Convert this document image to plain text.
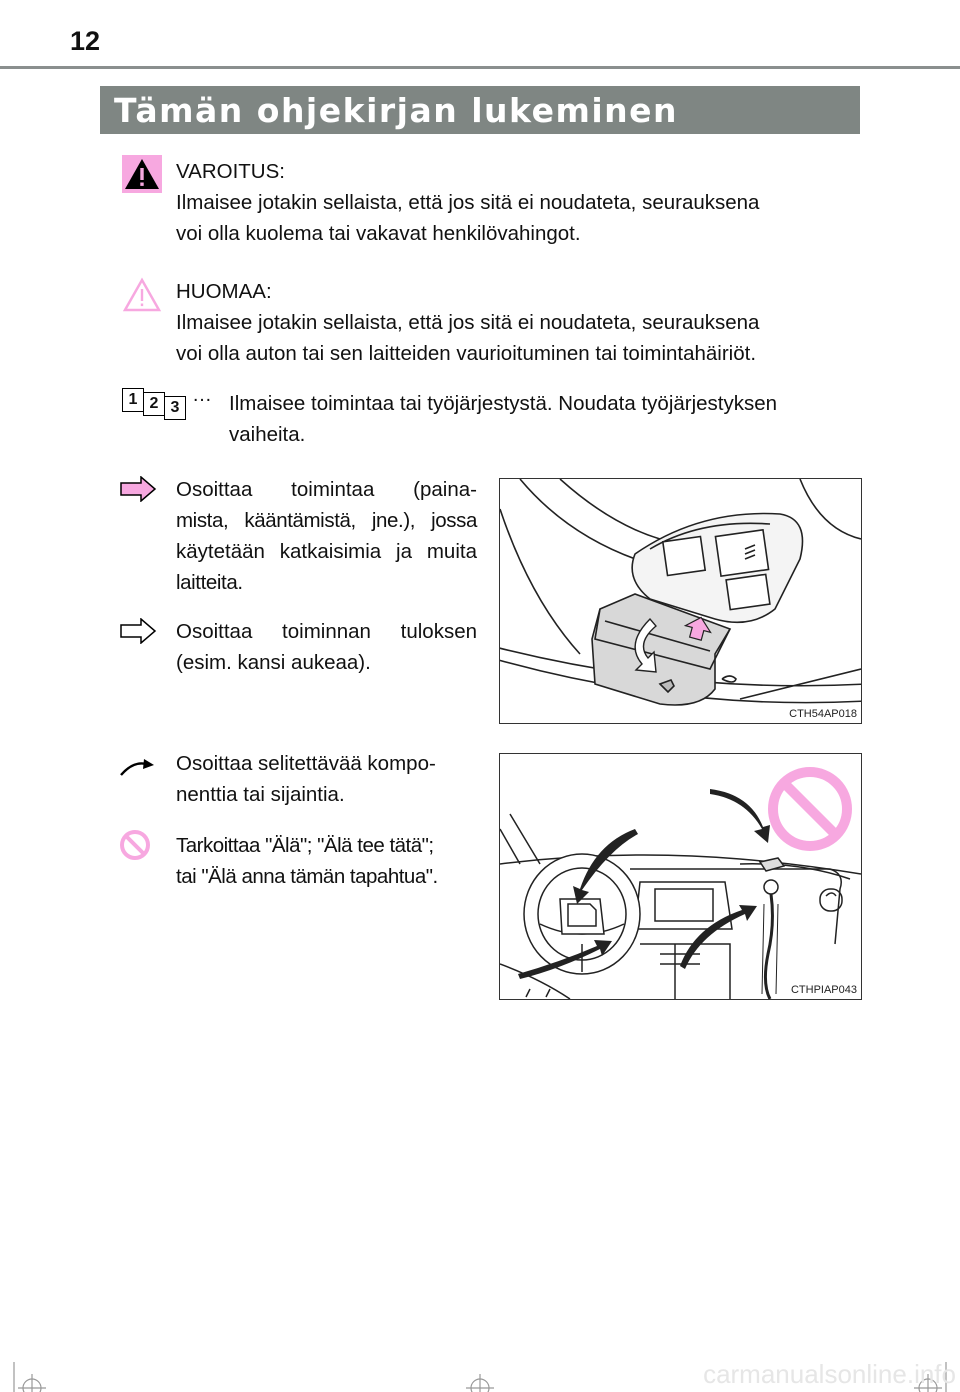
12
Tämän ohjekirjan lukeminen
VAROITUS:
Ilmaisee jotakin sellaista, että jos sitä ei noudateta, seurauksena
voi olla kuolema tai vakavat henkilövahingot.
HUOMAA:
Ilmaisee jotakin sellaista, että jos sitä ei noudateta, seurauksena
voi olla auton tai sen laitteiden vaurioituminen tai toimintahäiriöt.
1 2 3
… Ilmaisee toimintaa tai työjärjestystä. Noudata työjärjestyksen
vaiheita.
Osoittaa toimintaa (paina-
mista, kääntämistä, jne.), jossa
käytetään katkaisimia ja muita
laitteita.
Osoittaa toiminnan tuloksen
(esim. kansi aukeaa).
CTH54AP018
Osoittaa selitettävää kompo-
nenttia tai sijaintia.
Tarkoittaa "Älä"; "Älä tee tätä";
tai "Älä anna tämän tapahtua".
CTHPIAP043
carmanualsonline.info
